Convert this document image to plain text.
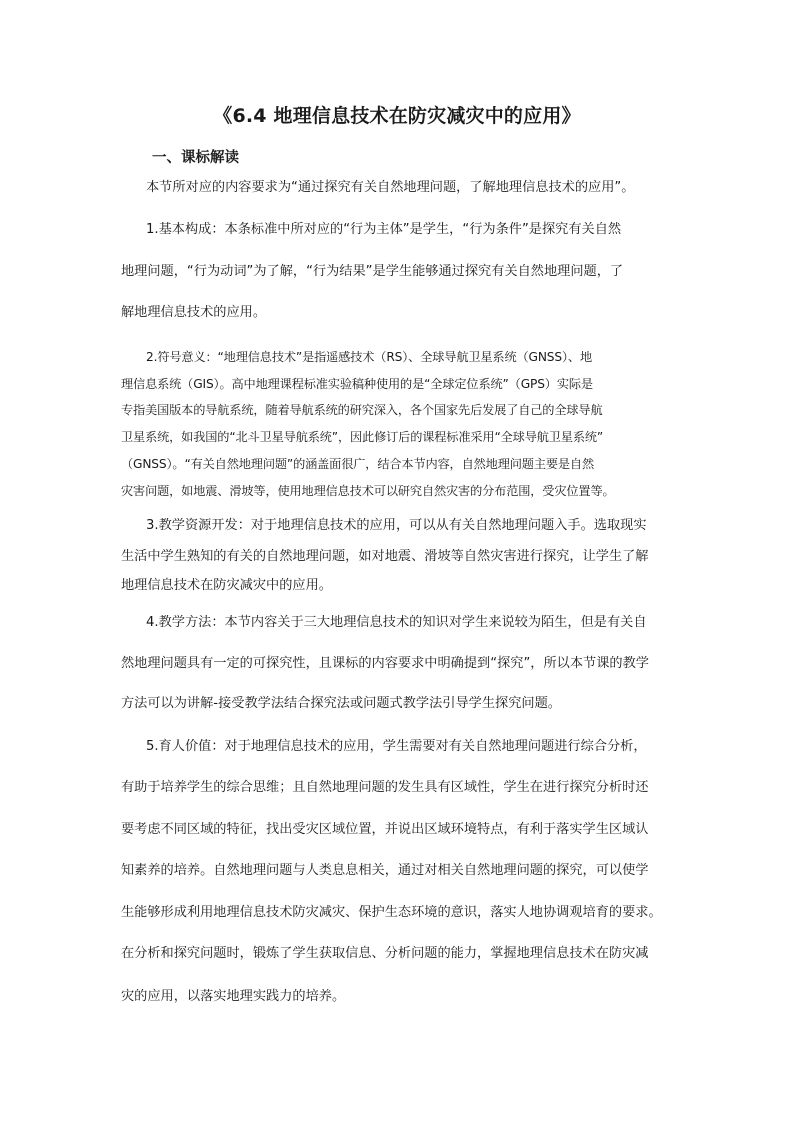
《6.4 地理信息技术在防灾减灾中的应用》
一、课标解读
本节所对应的内容要求为“通过探究有关自然地理问题，了解地理信息技术的应用”。
1.基本构成：本条标准中所对应的“行为主体”是学生，“行为条件”是探究有关自然
地理问题，“行为动词”为了解，“行为结果”是学生能够通过探究有关自然地理问题，了
解地理信息技术的应用。
2.符号意义：“地理信息技术”是指遥感技术（RS）、全球导航卫星系统（GNSS）、地
理信息系统（GIS）。高中地理课程标准实验稿种使用的是“全球定位系统”（GPS）实际是
专指美国版本的导航系统，随着导航系统的研究深入，各个国家先后发展了自己的全球导航
卫星系统，如我国的“北斗卫星导航系统”，因此修订后的课程标准采用“全球导航卫星系统”
（GNSS）。“有关自然地理问题”的涵盖面很广，结合本节内容，自然地理问题主要是自然
灾害问题，如地震、滑坡等，使用地理信息技术可以研究自然灾害的分布范围，受灾位置等。
3.教学资源开发：对于地理信息技术的应用，可以从有关自然地理问题入手。选取现实
生活中学生熟知的有关的自然地理问题，如对地震、滑坡等自然灾害进行探究，让学生了解
地理信息技术在防灾减灾中的应用。
4.教学方法：本节内容关于三大地理信息技术的知识对学生来说较为陌生，但是有关自
然地理问题具有一定的可探究性，且课标的内容要求中明确提到“探究”，所以本节课的教学
方法可以为讲解-接受教学法结合探究法或问题式教学法引导学生探究问题。
5.育人价值：对于地理信息技术的应用，学生需要对有关自然地理问题进行综合分析，
有助于培养学生的综合思维；且自然地理问题的发生具有区域性，学生在进行探究分析时还
要考虑不同区域的特征，找出受灾区域位置，并说出区域环境特点，有利于落实学生区域认
知素养的培养。自然地理问题与人类息息相关，通过对相关自然地理问题的探究，可以使学
生能够形成利用地理信息技术防灾减灾、保护生态环境的意识，落实人地协调观培育的要求。
在分析和探究问题时，锻炼了学生获取信息、分析问题的能力，掌握地理信息技术在防灾减
灾的应用，以落实地理实践力的培养。
